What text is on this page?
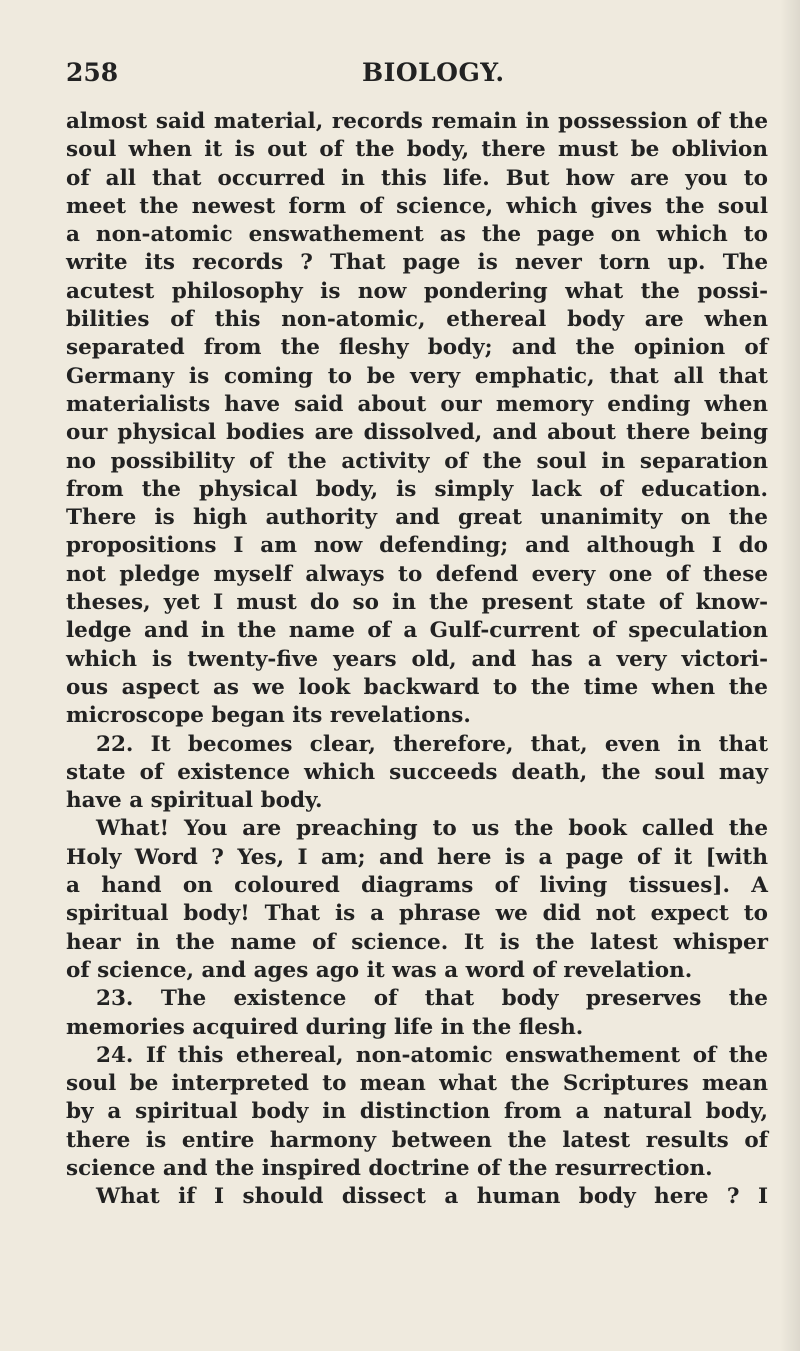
258	BIOLOGY.
almost said material, records remain in possession of the
soul when it is out of the body, there must be oblivion
of all that occurred in this life. But how are you to
meet the newest form of science, which gives the soul
a non-atomic enswathement as the page on which to
write its records ? That page is never torn up. The
acutest philosophy is now pondering what the possi-
bilities of this non-atomic, ethereal body are when
separated from the fleshy body; and the opinion of
Germany is coming to be very emphatic, that all that
materialists have said about our memory ending when
our physical bodies are dissolved, and about there being
no possibility of the activity of the soul in separation
from the physical body, is simply lack of education.
There is high authority and great unanimity on the
propositions I am now defending; and although I do
not pledge myself always to defend every one of these
theses, yet I must do so in the present state of know-
ledge and in the name of a Gulf-current of speculation
which is twenty-five years old, and has a very victori-
ous aspect as we look backward to the time when the
microscope began its revelations.
22. It becomes clear, therefore, that, even in that
state of existence which succeeds death, the soul may
have a spiritual body.
What! You are preaching to us the book called the
Holy Word ? Yes, I am; and here is a page of it [with
a hand on coloured diagrams of living tissues]. A
spiritual body! That is a phrase we did not expect to
hear in the name of science. It is the latest whisper
of science, and ages ago it was a word of revelation.
23. The existence of that body preserves the
memories acquired during life in the flesh.
24. If this ethereal, non-atomic enswathement of the
soul be interpreted to mean what the Scriptures mean
by a spiritual body in distinction from a natural body,
there is entire harmony between the latest results of
science and the inspired doctrine of the resurrection.
What if I should dissect a human body here ? I
